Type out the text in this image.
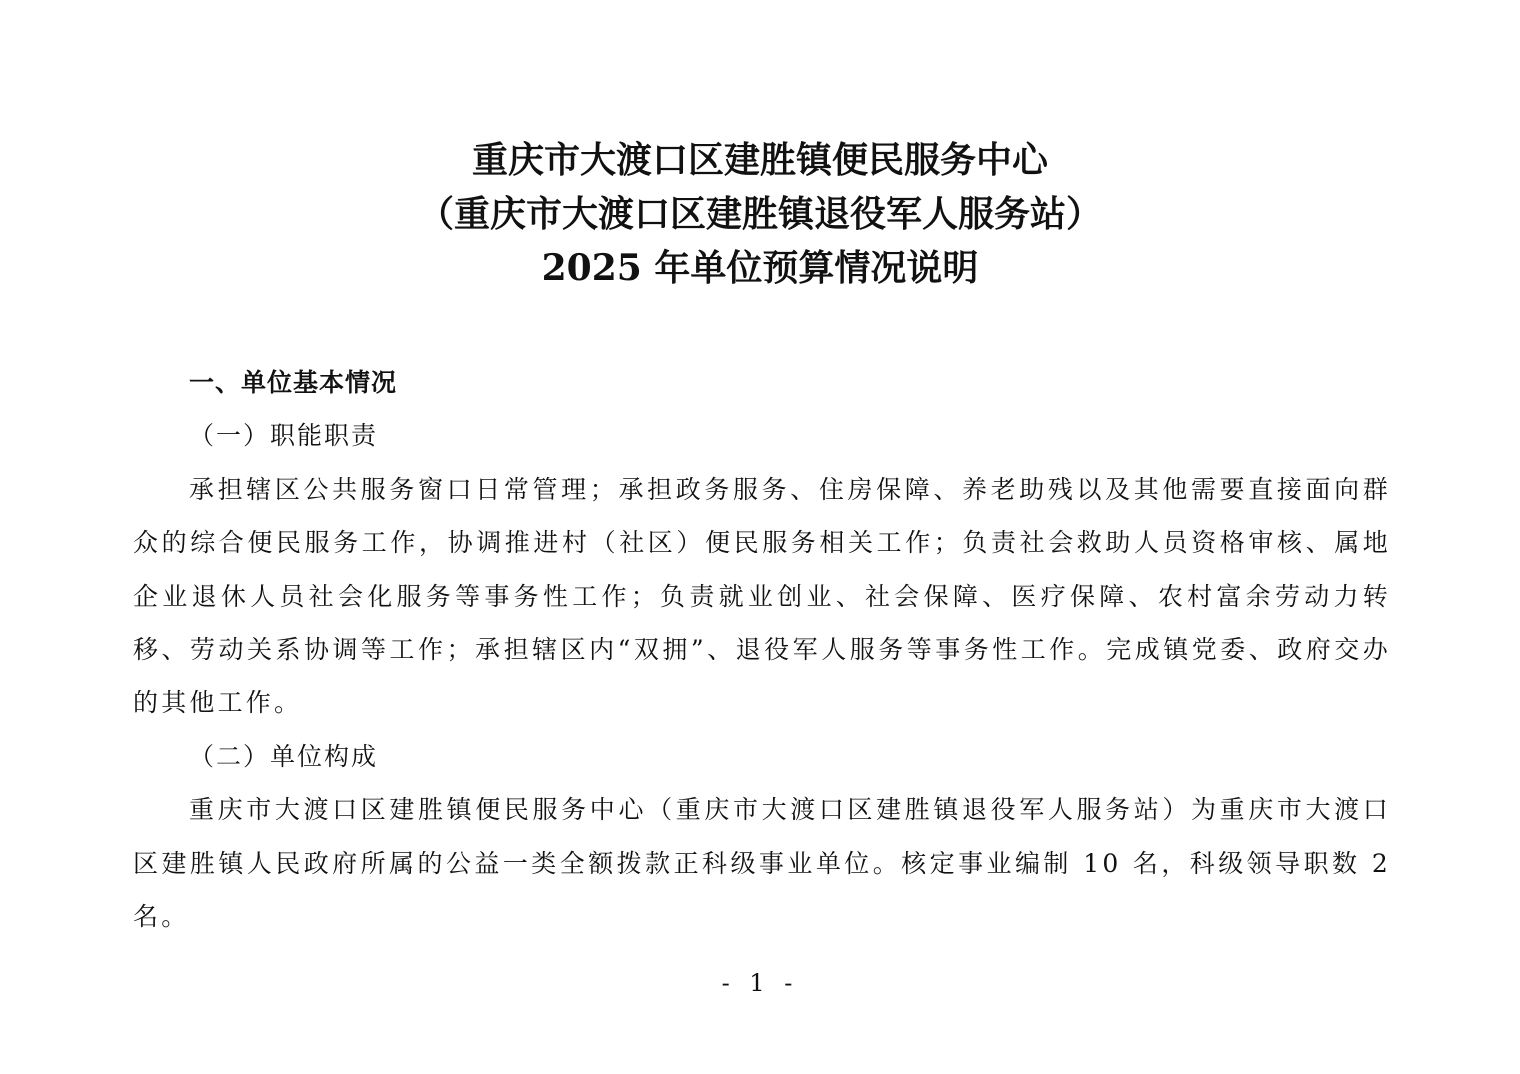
重庆市大渡口区建胜镇便民服务中心
（重庆市大渡口区建胜镇退役军人服务站）
2025 年单位预算情况说明

一、单位基本情况

（一）职能职责

承担辖区公共服务窗口日常管理；承担政务服务、住房保障、养老助残以及其他需要直接面向群众的综合便民服务工作，协调推进村（社区）便民服务相关工作；负责社会救助人员资格审核、属地企业退休人员社会化服务等事务性工作；负责就业创业、社会保障、医疗保障、农村富余劳动力转移、劳动关系协调等工作；承担辖区内“双拥”、退役军人服务等事务性工作。完成镇党委、政府交办的其他工作。

（二）单位构成

重庆市大渡口区建胜镇便民服务中心（重庆市大渡口区建胜镇退役军人服务站）为重庆市大渡口区建胜镇人民政府所属的公益一类全额拨款正科级事业单位。核定事业编制 10 名，科级领导职数 2 名。

- 1 -
